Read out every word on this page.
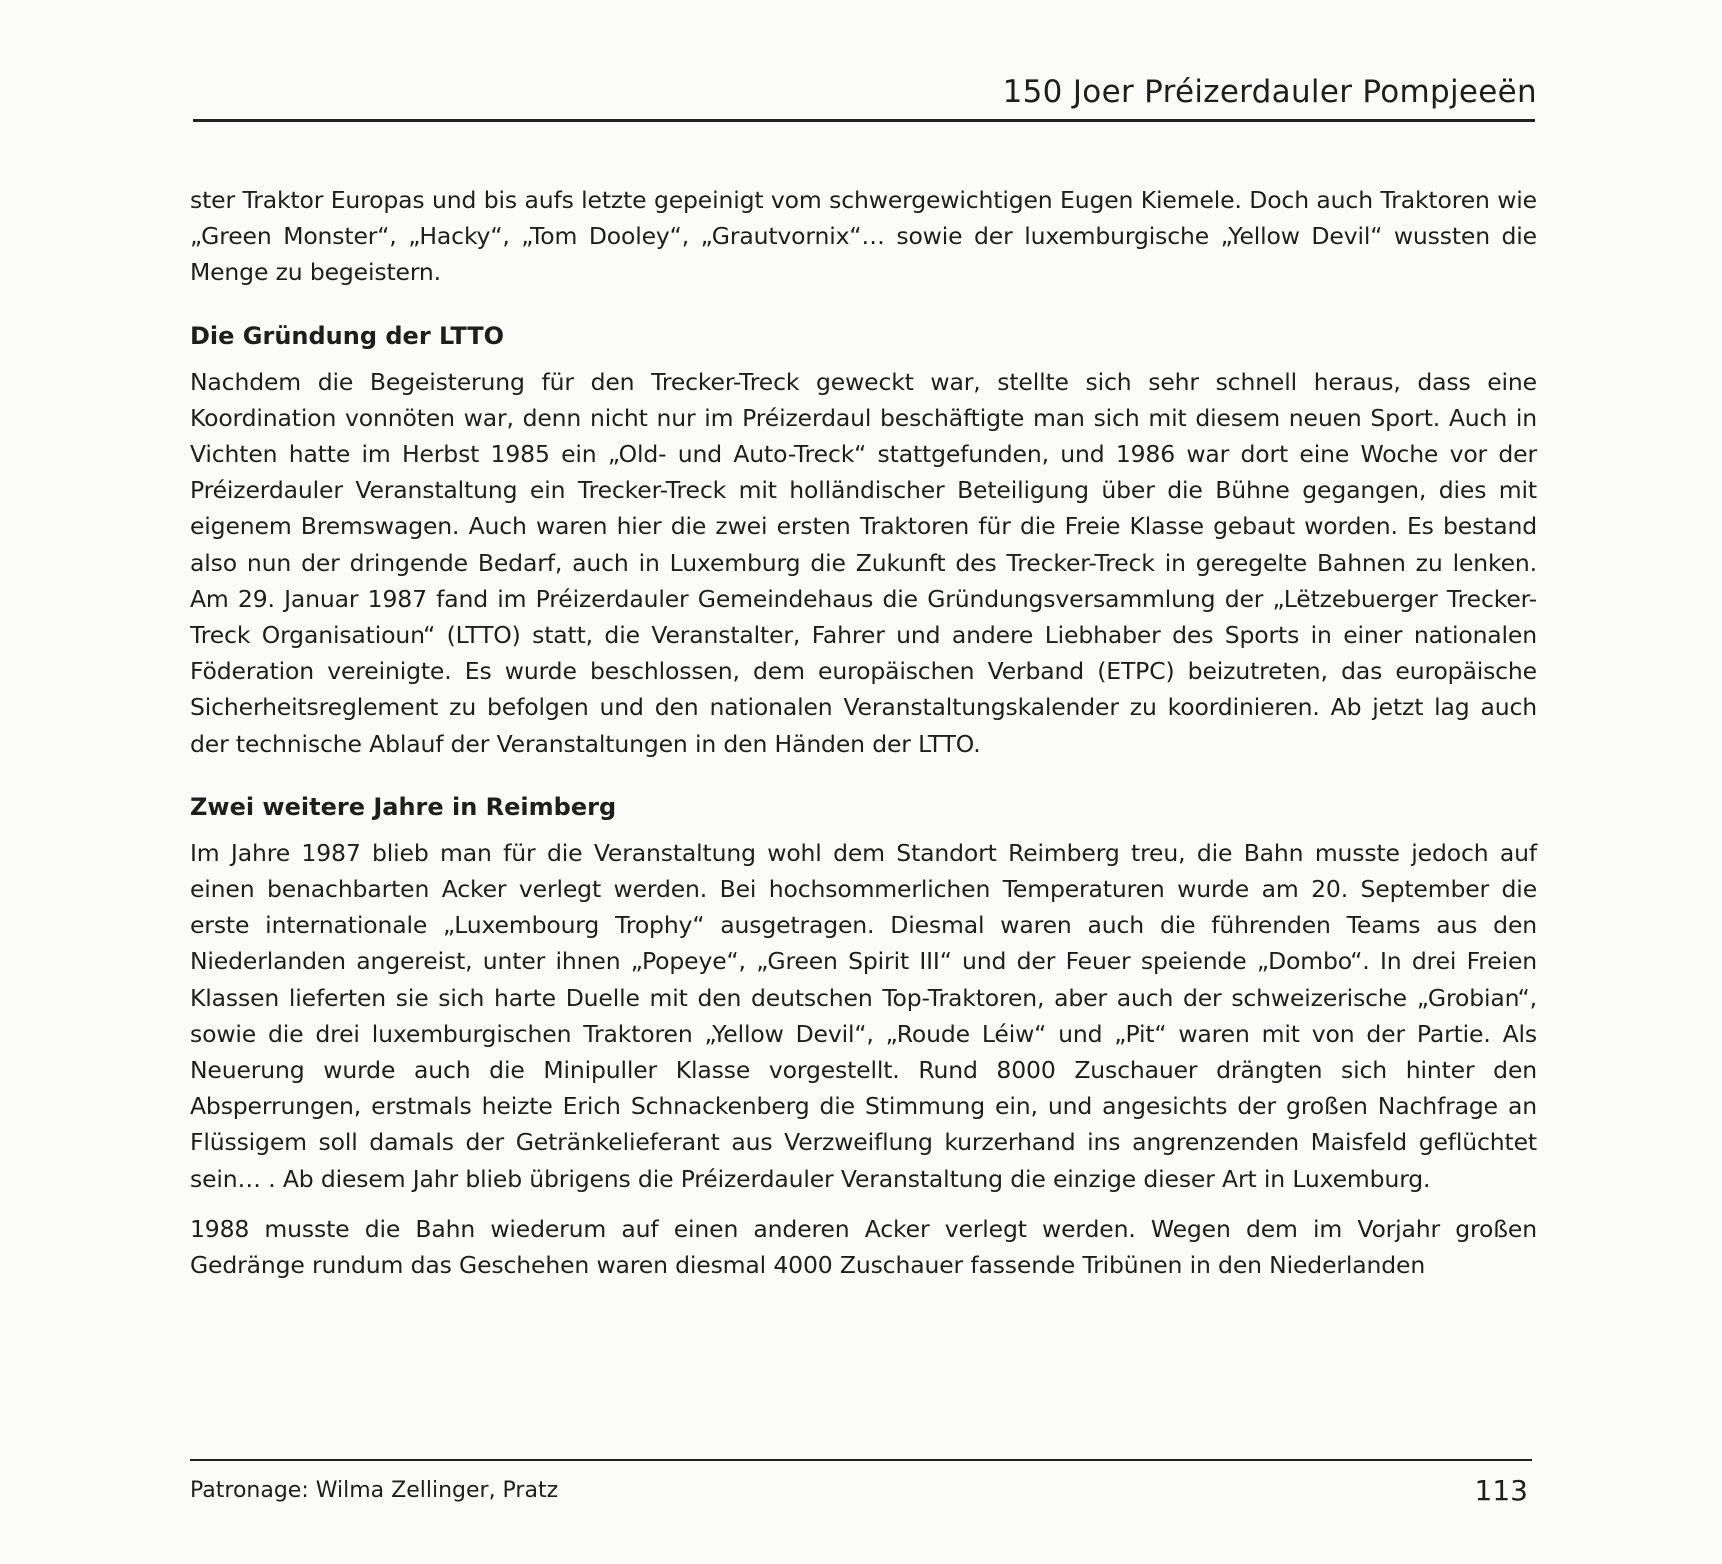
150 Joer Préizerdauler Pompjeeën

ster Traktor Europas und bis aufs letzte gepeinigt vom schwergewichtigen Eugen Kiemele. Doch auch Traktoren wie „Green Monster“, „Hacky“, „Tom Dooley“, „Grautvornix“… sowie der luxemburgische „Yellow Devil“ wussten die Menge zu begeistern.

Die Gründung der LTTO

Nachdem die Begeisterung für den Trecker-Treck geweckt war, stellte sich sehr schnell heraus, dass eine Koordination vonnöten war, denn nicht nur im Préizerdaul beschäftigte man sich mit diesem neuen Sport. Auch in Vichten hatte im Herbst 1985 ein „Old- und Auto-Treck“ stattgefunden, und 1986 war dort eine Woche vor der Préizerdauler Veranstaltung ein Trecker-Treck mit holländischer Beteiligung über die Bühne gegangen, dies mit eigenem Bremswagen. Auch waren hier die zwei ersten Traktoren für die Freie Klasse gebaut worden. Es bestand also nun der dringende Bedarf, auch in Luxemburg die Zukunft des Trecker-Treck in geregelte Bahnen zu lenken. Am 29. Januar 1987 fand im Préizerdauler Gemeindehaus die Gründungsversammlung der „Lëtzebuerger Trecker-Treck Organisatioun“ (LTTO) statt, die Veranstalter, Fahrer und andere Liebhaber des Sports in einer nationalen Föderation vereinigte. Es wurde beschlossen, dem europäischen Verband (ETPC) beizutreten, das europäische Sicherheitsreglement zu befolgen und den nationalen Veranstaltungskalender zu koordinieren. Ab jetzt lag auch der technische Ablauf der Veranstaltungen in den Händen der LTTO.

Zwei weitere Jahre in Reimberg

Im Jahre 1987 blieb man für die Veranstaltung wohl dem Standort Reimberg treu, die Bahn musste jedoch auf einen benachbarten Acker verlegt werden. Bei hochsommerlichen Temperaturen wurde am 20. September die erste internationale „Luxembourg Trophy“ ausgetragen. Diesmal waren auch die führenden Teams aus den Niederlanden angereist, unter ihnen „Popeye“, „Green Spirit III“ und der Feuer speiende „Dombo“. In drei Freien Klassen lieferten sie sich harte Duelle mit den deutschen Top-Traktoren, aber auch der schweizerische „Grobian“, sowie die drei luxemburgischen Traktoren „Yellow Devil“, „Roude Léiw“ und „Pit“ waren mit von der Partie. Als Neuerung wurde auch die Minipuller Klasse vorgestellt. Rund 8000 Zuschauer drängten sich hinter den Absperrungen, erstmals heizte Erich Schnackenberg die Stimmung ein, und angesichts der großen Nachfrage an Flüssigem soll damals der Getränkelieferant aus Verzweiflung kurzerhand ins angrenzenden Maisfeld geflüchtet sein… . Ab diesem Jahr blieb übrigens die Préizerdauler Veranstaltung die einzige dieser Art in Luxemburg.

1988 musste die Bahn wiederum auf einen anderen Acker verlegt werden. Wegen dem im Vorjahr großen Gedränge rundum das Geschehen waren diesmal 4000 Zuschauer fassende Tribünen in den Niederlanden

Patronage: Wilma Zellinger, Pratz	113
